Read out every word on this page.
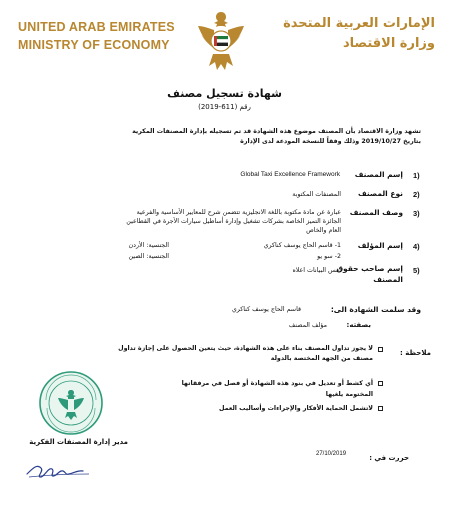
UNITED ARAB EMIRATES
MINISTRY OF ECONOMY
الإمارات العربية المتحدة
وزارة الاقتصاد
شهادة تسجيل مصنف
رقم (611-2019)
تشهد وزارة الاقتصاد بأن المصنف موضوع هذه الشهادة قد تم تسجيله بإدارة المصنفات المكرية
بتاريخ 2019/10/27 وذلك وفقاً للنسخة المودعة لدى الإدارة
1)
إسم المصنف
Global Taxi Excellence Framework
2)
نوع المصنف
المصنفات المكتوبة
3)
وصف المصنف
عبارة عن مادة مكتوبة باللغة الانجليزية تتضمن شرح للمعايير الأساسية والفرعية
الجائزة التميز الخاصة بشركات تشغيل وإدارة أساطيل سيارات الأجرة في القطاعين
العام والخاص
4)
إسم المؤلف
1- قاسم الحاج يوسف كناكري
الجنسية: الأردن
2- سو يو
الجنسية: الصين
5)
إسم صاحب حقوق
المصنف
نفس البيانات اعلاه
وقد سلمت الشهادة الى:
قاسم الحاج يوسف كناكري
بصفته:
مؤلف المصنف
ملاحظة :
لا يجوز تداول المصنف بناء على هذه الشهادة، حيث يتعين الحصول على إجازة تداول
مصنف من الجهة المختصة بالدولة
أي كشط أو تعديل في بنود هذه الشهادة أو فصل في مرفقاتها
المختومة يلغيها
لاتشمل الحماية الأفكار والإجراءات وأساليب العمل
مدير إدارة المصنفات الفكرية
حررت في :
27/10/2019
